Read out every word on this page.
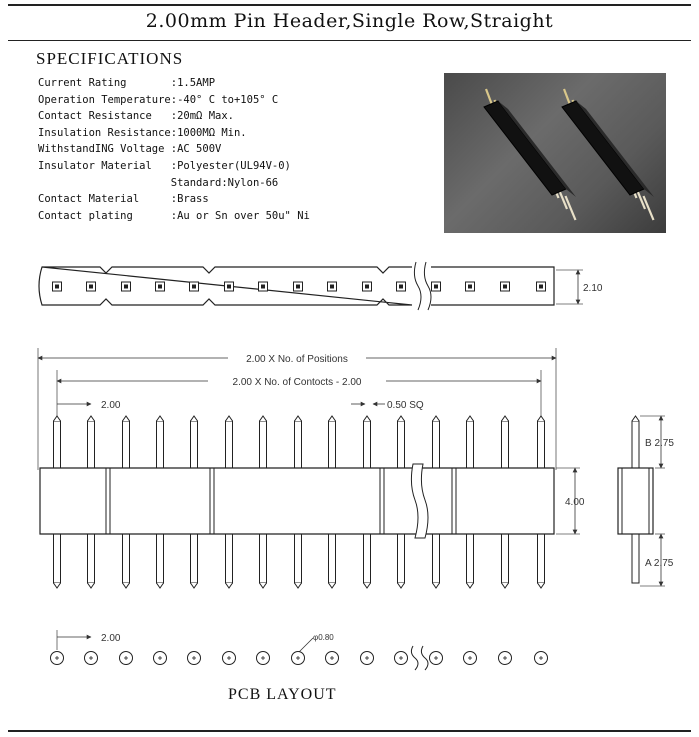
2.00mm Pin Header,Single Row,Straight
SPECIFICATIONS
Current Rating	:1.5AMP
Operation Temperature	:-40° C to+105° C
Contact Resistance	:20mΩ Max.
Insulation Resistance	:1000MΩ Min.
WithstandING Voltage	:AC 500V
Insulator Material	:Polyester(UL94V-0)
	Standard:Nylon-66
Contact Material	:Brass
Contact plating	:Au or Sn over 50u" Ni
2.10
2.00 X No. of Positions
2.00 X No. of Contocts - 2.00
2.00	0.50 SQ
4.00
B 2.75
A 2.75
2.00	φ0.80
PCB LAYOUT
